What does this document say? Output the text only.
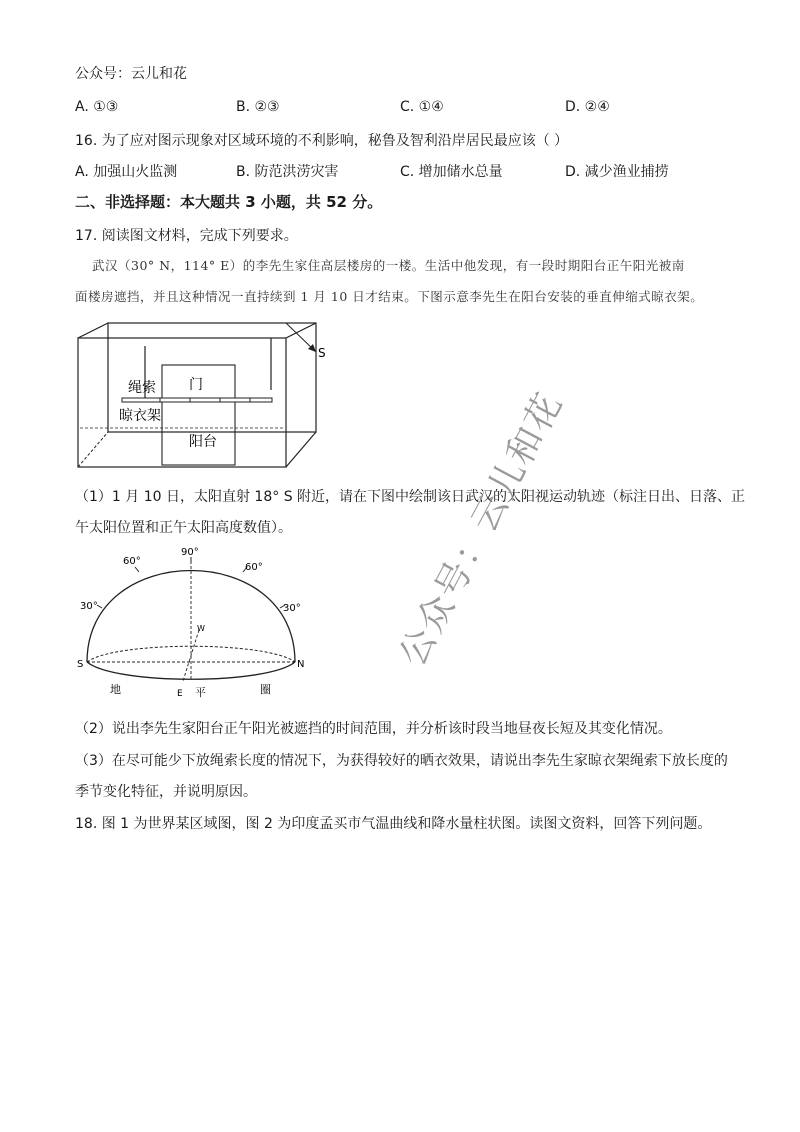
公众号：云儿和花
A. ①③	B. ②③	C. ①④	D. ②④
16. 为了应对图示现象对区域环境的不利影响，秘鲁及智利沿岸居民最应该（ ）
A. 加强山火监测	B. 防范洪涝灾害	C. 增加储水总量	D. 减少渔业捕捞
二、非选择题：本大题共 3 小题，共 52 分。
17. 阅读图文材料，完成下列要求。
武汉（30° N，114° E）的李先生家住高层楼房的一楼。生活中他发现，有一段时期阳台正午阳光被南
面楼房遮挡，并且这种情况一直持续到 1 月 10 日才结束。下图示意李先生在阳台安装的垂直伸缩式晾衣架。
S
绳索 门
晾衣架
阳台
（1）1 月 10 日，太阳直射 18° S 附近，请在下图中绘制该日武汉的太阳视运动轨迹（标注日出、日落、正
午太阳位置和正午太阳高度数值）。
90°
60°
60°
30°	30°
W
S	N
E
地	平	圈
（2）说出李先生家阳台正午阳光被遮挡的时间范围，并分析该时段当地昼夜长短及其变化情况。
（3）在尽可能少下放绳索长度的情况下，为获得较好的晒衣效果，请说出李先生家晾衣架绳索下放长度的
季节变化特征，并说明原因。
18. 图 1 为世界某区域图，图 2 为印度孟买市气温曲线和降水量柱状图。读图文资料，回答下列问题。
公众号：云儿和花
